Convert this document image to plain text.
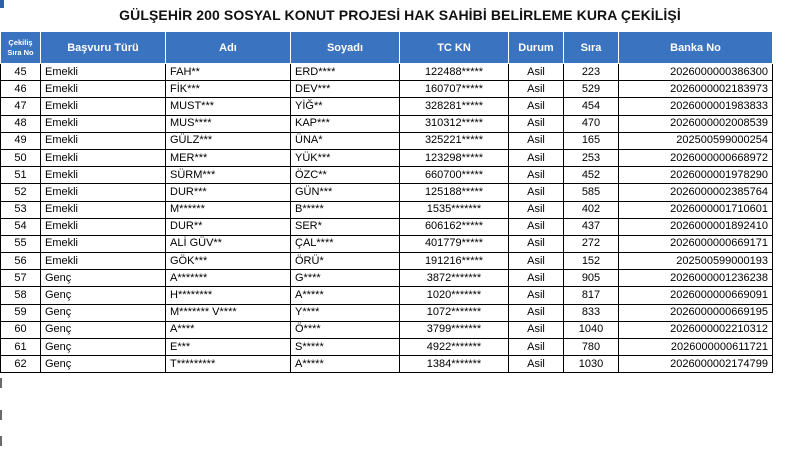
GÜLŞEHİR 200 SOSYAL KONUT PROJESİ HAK SAHİBİ BELİRLEME KURA ÇEKİLİŞİ
Çekiliş Sıra No	Başvuru Türü	Adı	Soyadı	TC KN	Durum	Sıra	Banka No
45	Emekli	FAH**	ERD****	122488*****	Asil	223	2026000000386300
46	Emekli	FİK***	DEV***	160707*****	Asil	529	2026000002183973
47	Emekli	MUST***	YİĞ**	328281*****	Asil	454	2026000001983833
48	Emekli	MUS****	KAP***	310312*****	Asil	470	2026000002008539
49	Emekli	GÜLZ***	ÜNA*	325221*****	Asil	165	202500599000254
50	Emekli	MER***	YÜK***	123298*****	Asil	253	2026000000668972
51	Emekli	SÜRM***	ÖZC**	660700*****	Asil	452	2026000001978290
52	Emekli	DUR***	GÜN***	125188*****	Asil	585	2026000002385764
53	Emekli	M******	B*****	1535*******	Asil	402	2026000001710601
54	Emekli	DUR**	SER*	606162*****	Asil	437	2026000001892410
55	Emekli	ALİ GÜV**	ÇAL****	401779*****	Asil	272	2026000000669171
56	Emekli	GÖK***	ÖRÜ*	191216*****	Asil	152	202500599000193
57	Genç	A*******	G****	3872*******	Asil	905	2026000001236238
58	Genç	H********	A*****	1020*******	Asil	817	2026000000669091
59	Genç	M******* V****	Y****	1072*******	Asil	833	2026000000669195
60	Genç	A****	Ö****	3799*******	Asil	1040	2026000002210312
61	Genç	E***	S*****	4922*******	Asil	780	2026000000611721
62	Genç	T*********	A*****	1384*******	Asil	1030	2026000002174799
